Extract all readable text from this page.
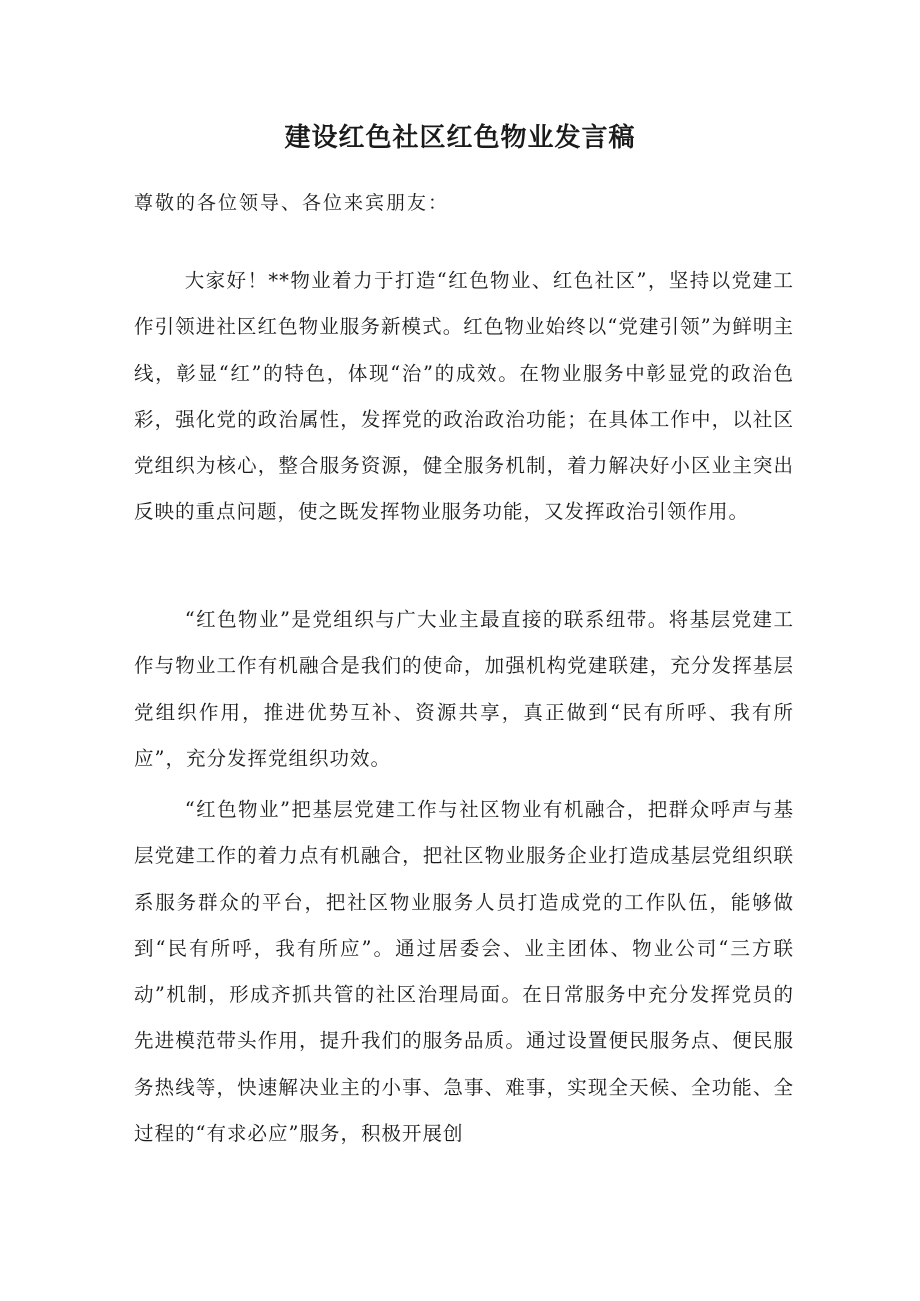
建设红色社区红色物业发言稿

尊敬的各位领导、各位来宾朋友：

大家好！**物业着力于打造“红色物业、红色社区”，坚持以党建工作引领进社区红色物业服务新模式。红色物业始终以“党建引领”为鲜明主线，彰显“红”的特色，体现“治”的成效。在物业服务中彰显党的政治色彩，强化党的政治属性，发挥党的政治政治功能；在具体工作中，以社区党组织为核心，整合服务资源，健全服务机制，着力解决好小区业主突出反映的重点问题，使之既发挥物业服务功能，又发挥政治引领作用。

“红色物业”是党组织与广大业主最直接的联系纽带。将基层党建工作与物业工作有机融合是我们的使命，加强机构党建联建，充分发挥基层党组织作用，推进优势互补、资源共享，真正做到“民有所呼、我有所应”，充分发挥党组织功效。

“红色物业”把基层党建工作与社区物业有机融合，把群众呼声与基层党建工作的着力点有机融合，把社区物业服务企业打造成基层党组织联系服务群众的平台，把社区物业服务人员打造成党的工作队伍，能够做到“民有所呼，我有所应”。通过居委会、业主团体、物业公司“三方联动”机制，形成齐抓共管的社区治理局面。在日常服务中充分发挥党员的先进模范带头作用，提升我们的服务品质。通过设置便民服务点、便民服务热线等，快速解决业主的小事、急事、难事，实现全天候、全功能、全过程的“有求必应”服务，积极开展创
